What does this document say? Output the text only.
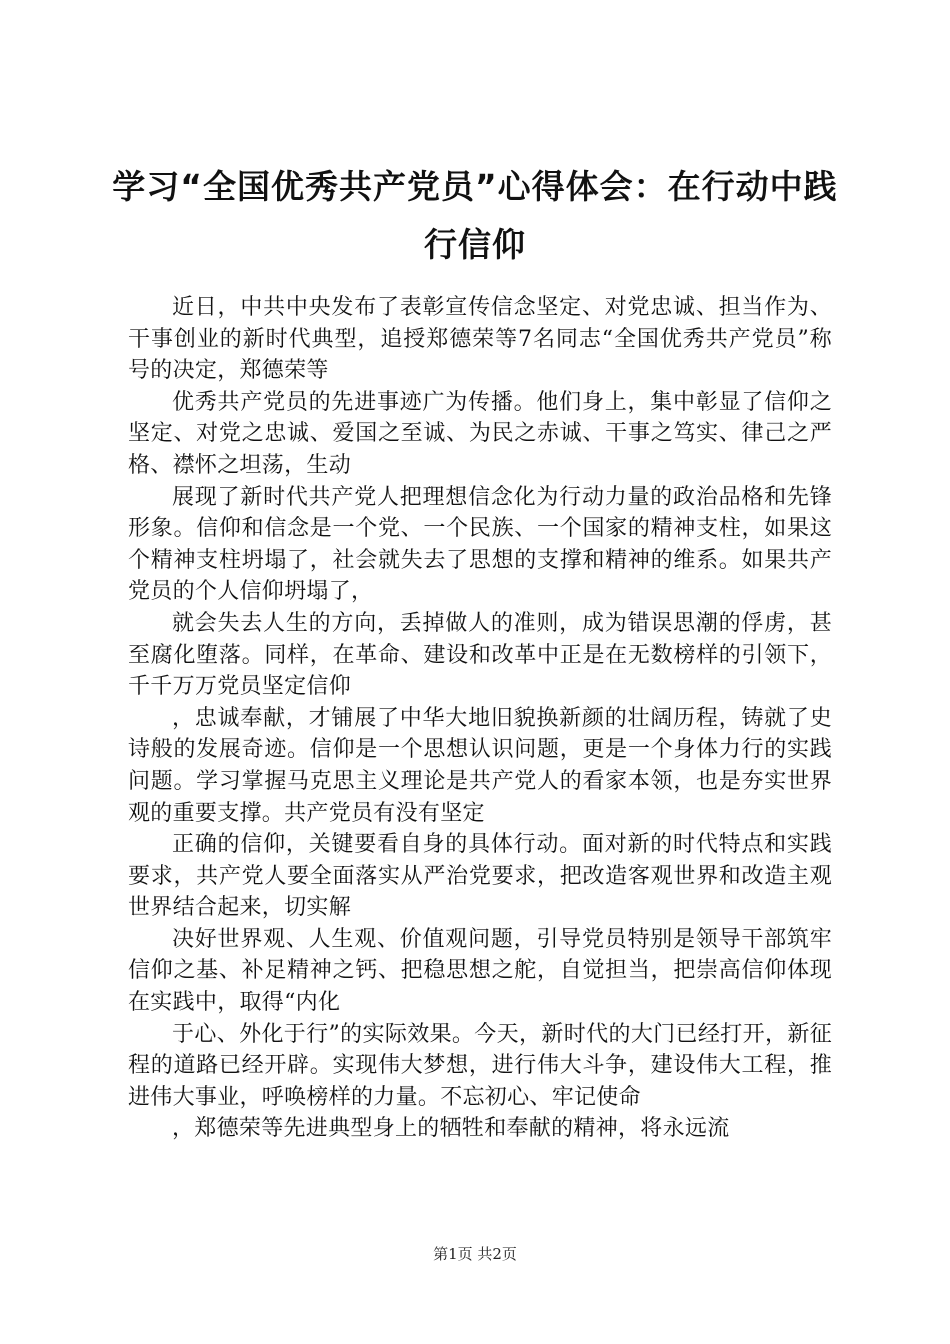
学习“全国优秀共产党员”心得体会：在行动中践行信仰

近日，中共中央发布了表彰宣传信念坚定、对党忠诚、担当作为、干事创业的新时代典型，追授郑德荣等7名同志“全国优秀共产党员”称号的决定，郑德荣等

优秀共产党员的先进事迹广为传播。他们身上，集中彰显了信仰之坚定、对党之忠诚、爱国之至诚、为民之赤诚、干事之笃实、律己之严格、襟怀之坦荡，生动

展现了新时代共产党人把理想信念化为行动力量的政治品格和先锋形象。信仰和信念是一个党、一个民族、一个国家的精神支柱，如果这个精神支柱坍塌了，社会就失去了思想的支撑和精神的维系。如果共产党员的个人信仰坍塌了，

就会失去人生的方向，丢掉做人的准则，成为错误思潮的俘虏，甚至腐化堕落。同样，在革命、建设和改革中正是在无数榜样的引领下，千千万万党员坚定信仰

，忠诚奉献，才铺展了中华大地旧貌换新颜的壮阔历程，铸就了史诗般的发展奇迹。信仰是一个思想认识问题，更是一个身体力行的实践问题。学习掌握马克思主义理论是共产党人的看家本领，也是夯实世界观的重要支撑。共产党员有没有坚定

正确的信仰，关键要看自身的具体行动。面对新的时代特点和实践要求，共产党人要全面落实从严治党要求，把改造客观世界和改造主观世界结合起来，切实解

决好世界观、人生观、价值观问题，引导党员特别是领导干部筑牢信仰之基、补足精神之钙、把稳思想之舵，自觉担当，把崇高信仰体现在实践中，取得“内化

于心、外化于行”的实际效果。今天，新时代的大门已经打开，新征程的道路已经开辟。实现伟大梦想，进行伟大斗争，建设伟大工程，推进伟大事业，呼唤榜样的力量。不忘初心、牢记使命

，郑德荣等先进典型身上的牺牲和奉献的精神，将永远流

第1页 共2页
